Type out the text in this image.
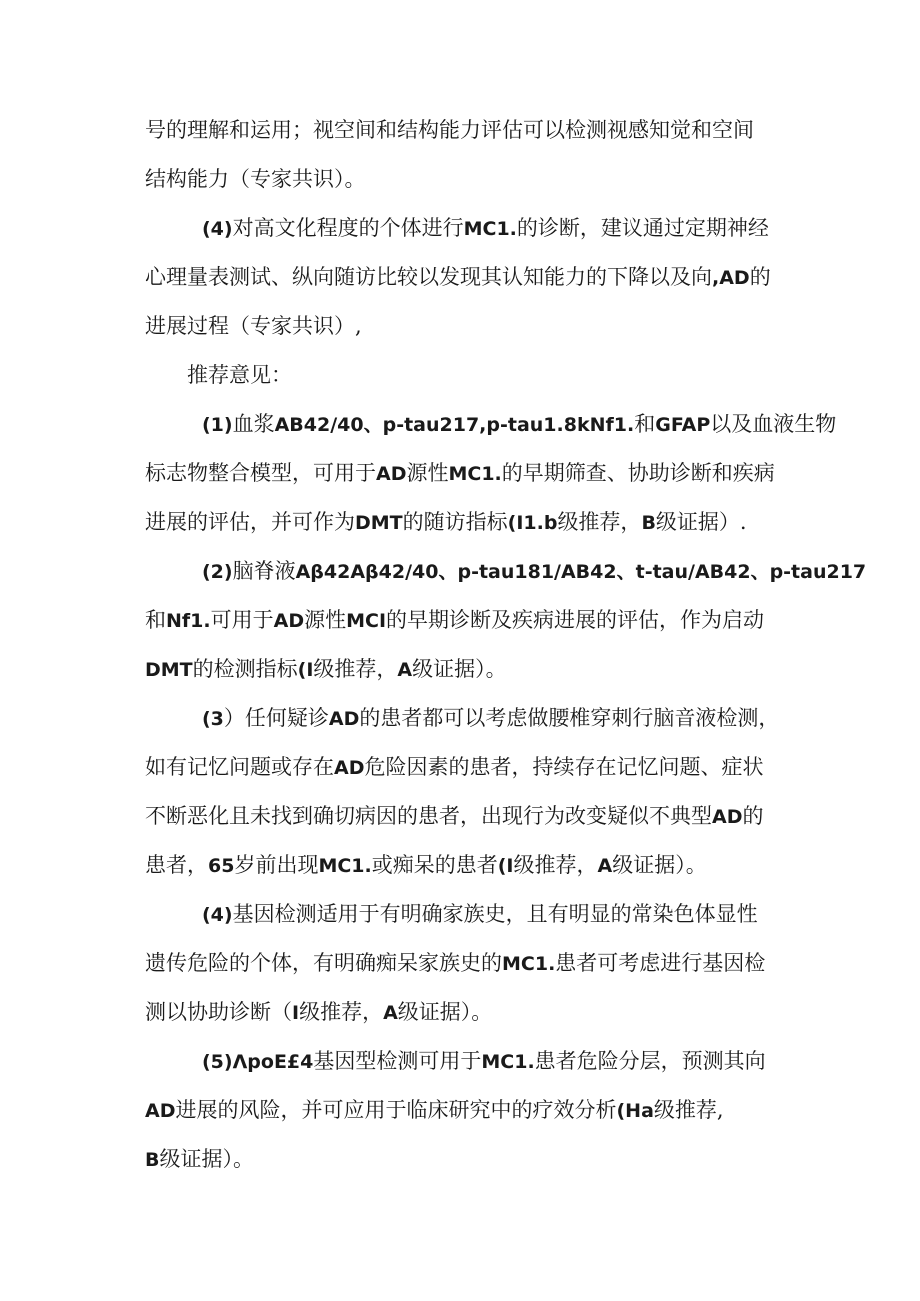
号的理解和运用；视空间和结构能力评估可以检测视感知觉和空间
结构能力（专家共识）。
(4)对高文化程度的个体进行MC1.的诊断，建议通过定期神经
心理量表测试、纵向随访比较以发现其认知能力的下降以及向,AD的
进展过程（专家共识）,
推荐意见：
(1)血浆AB42/40、p-tau217,p-tau1.8kNf1.和GFAP以及血液生物
标志物整合模型，可用于AD源性MC1.的早期筛查、协助诊断和疾病
进展的评估，并可作为DMT的随访指标(I1.b级推荐，B级证据）.
(2)脑脊液Aβ42Aβ42/40、p-tau181/AB42、t-tau/AB42、p-tau217
和Nf1.可用于AD源性MCI的早期诊断及疾病进展的评估，作为启动
DMT的检测指标(I级推荐，A级证据）。
(3）任何疑诊AD的患者都可以考虑做腰椎穿刺行脑音液检测，
如有记忆问题或存在AD危险因素的患者，持续存在记忆问题、症状
不断恶化且未找到确切病因的患者，出现行为改变疑似不典型AD的
患者，65岁前出现MC1.或痴呆的患者(I级推荐，A级证据）。
(4)基因检测适用于有明确家族史，且有明显的常染色体显性
遗传危险的个体，有明确痴呆家族史的MC1.患者可考虑进行基因检
测以协助诊断（I级推荐，A级证据）。
(5)ΛpoE£4基因型检测可用于MC1.患者危险分层，预测其向
AD进展的风险，并可应用于临床研究中的疗效分析(Ha级推荐,
B级证据）。
